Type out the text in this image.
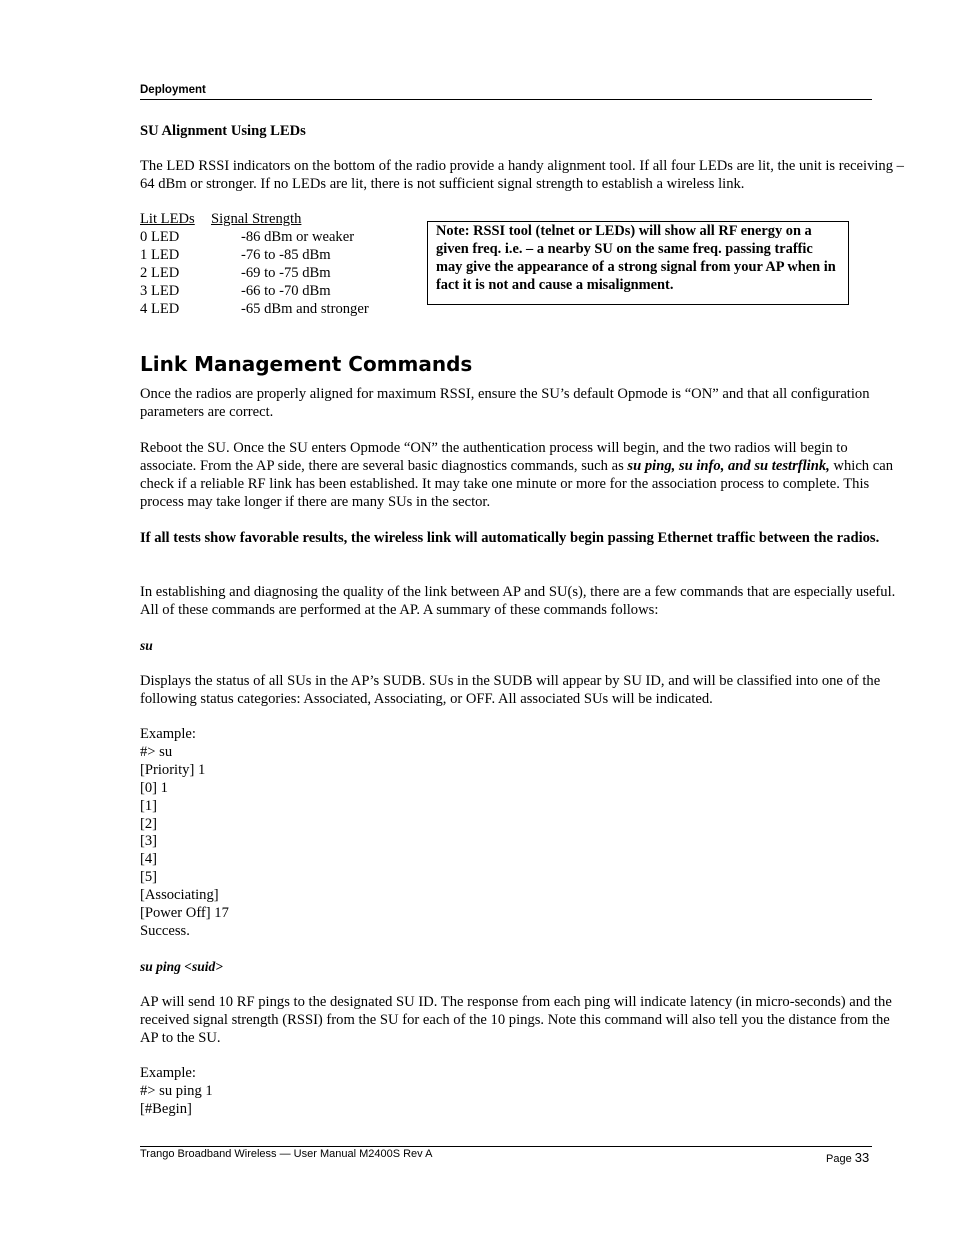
Deployment
SU Alignment Using LEDs
The LED RSSI indicators on the bottom of the radio provide a handy alignment tool. If all four LEDs are lit, the unit is receiving –64 dBm or stronger. If no LEDs are lit, there is not sufficient signal strength to establish a wireless link.
Lit LEDs	Signal Strength
0 LED	-86 dBm or weaker
1 LED	-76 to -85 dBm
2 LED	-69 to -75 dBm
3 LED	-66 to -70 dBm
4 LED	-65 dBm and stronger
Note: RSSI tool (telnet or LEDs) will show all RF energy on a given freq. i.e. – a nearby SU on the same freq. passing traffic may give the appearance of a strong signal from your AP when in fact it is not and cause a misalignment.
Link Management Commands
Once the radios are properly aligned for maximum RSSI, ensure the SU’s default Opmode is “ON” and that all configuration parameters are correct.
Reboot the SU. Once the SU enters Opmode “ON” the authentication process will begin, and the two radios will begin to associate. From the AP side, there are several basic diagnostics commands, such as su ping, su info, and su testrflink, which can check if a reliable RF link has been established. It may take one minute or more for the association process to complete. This process may take longer if there are many SUs in the sector.
If all tests show favorable results, the wireless link will automatically begin passing Ethernet traffic between the radios.
In establishing and diagnosing the quality of the link between AP and SU(s), there are a few commands that are especially useful. All of these commands are performed at the AP. A summary of these commands follows:
su
Displays the status of all SUs in the AP’s SUDB. SUs in the SUDB will appear by SU ID, and will be classified into one of the following status categories: Associated, Associating, or OFF. All associated SUs will be indicated.
Example:
#> su
[Priority] 1
[0] 1
[1]
[2]
[3]
[4]
[5]
[Associating]
[Power Off] 17
Success.
su ping <suid>
AP will send 10 RF pings to the designated SU ID. The response from each ping will indicate latency (in micro-seconds) and the received signal strength (RSSI) from the SU for each of the 10 pings. Note this command will also tell you the distance from the AP to the SU.
Example:
#> su ping 1
[#Begin]
Trango Broadband Wireless — User Manual M2400S Rev A	Page 33
